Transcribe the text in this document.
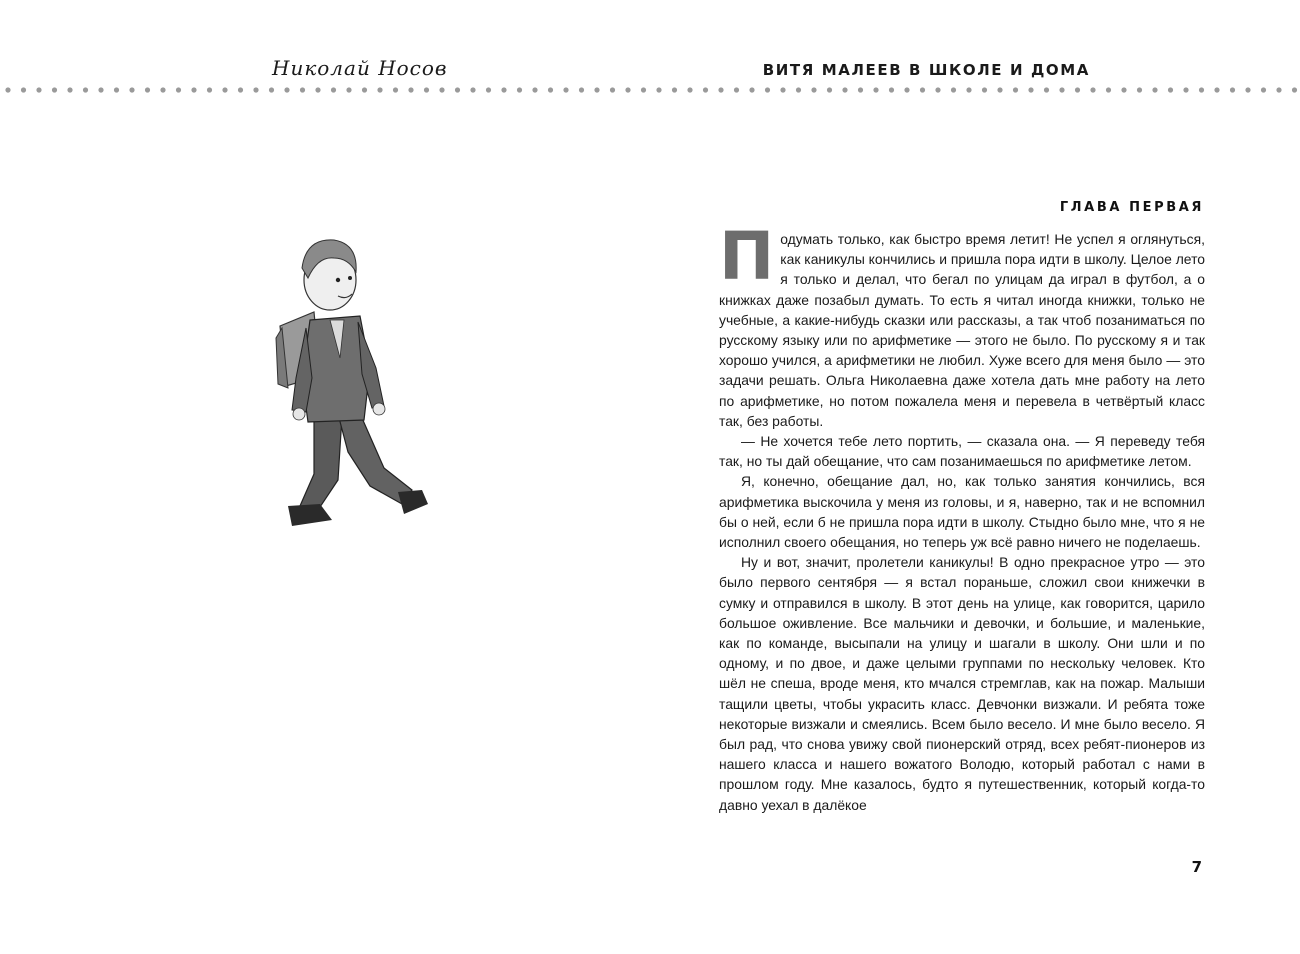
Николай Носов	ВИТЯ МАЛЕЕВ В ШКОЛЕ И ДОМА
ГЛАВА ПЕРВАЯ

Подумать только, как быстро время летит! Не успел я оглянуться, как каникулы кончились и пришла пора идти в школу. Целое лето я только и делал, что бегал по улицам да играл в футбол, а о книжках даже позабыл думать. То есть я читал иногда книжки, только не учебные, а какие-нибудь сказки или рассказы, а так чтоб позаниматься по русскому языку или по арифметике — этого не было. По русскому я и так хорошо учился, а арифметики не любил. Хуже всего для меня было — это задачи решать. Ольга Николаевна даже хотела дать мне работу на лето по арифметике, но потом пожалела меня и перевела в четвёртый класс так, без работы.

— Не хочется тебе лето портить, — сказала она. — Я переведу тебя так, но ты дай обещание, что сам позанимаешься по арифметике летом.

Я, конечно, обещание дал, но, как только занятия кончились, вся арифметика выскочила у меня из головы, и я, наверно, так и не вспомнил бы о ней, если б не пришла пора идти в школу. Стыдно было мне, что я не исполнил своего обещания, но теперь уж всё равно ничего не поделаешь.

Ну и вот, значит, пролетели каникулы! В одно прекрасное утро — это было первого сентября — я встал пораньше, сложил свои книжечки в сумку и отправился в школу. В этот день на улице, как говорится, царило большое оживление. Все мальчики и девочки, и большие, и маленькие, как по команде, высыпали на улицу и шагали в школу. Они шли и по одному, и по двое, и даже целыми группами по нескольку человек. Кто шёл не спеша, вроде меня, кто мчался стремглав, как на пожар. Малыши тащили цветы, чтобы украсить класс. Девчонки визжали. И ребята тоже некоторые визжали и смеялись. Всем было весело. И мне было весело. Я был рад, что снова увижу свой пионерский отряд, всех ребят-пионеров из нашего класса и нашего вожатого Володю, который работал с нами в прошлом году. Мне казалось, будто я путешественник, который когда-то давно уехал в далёкое

7
